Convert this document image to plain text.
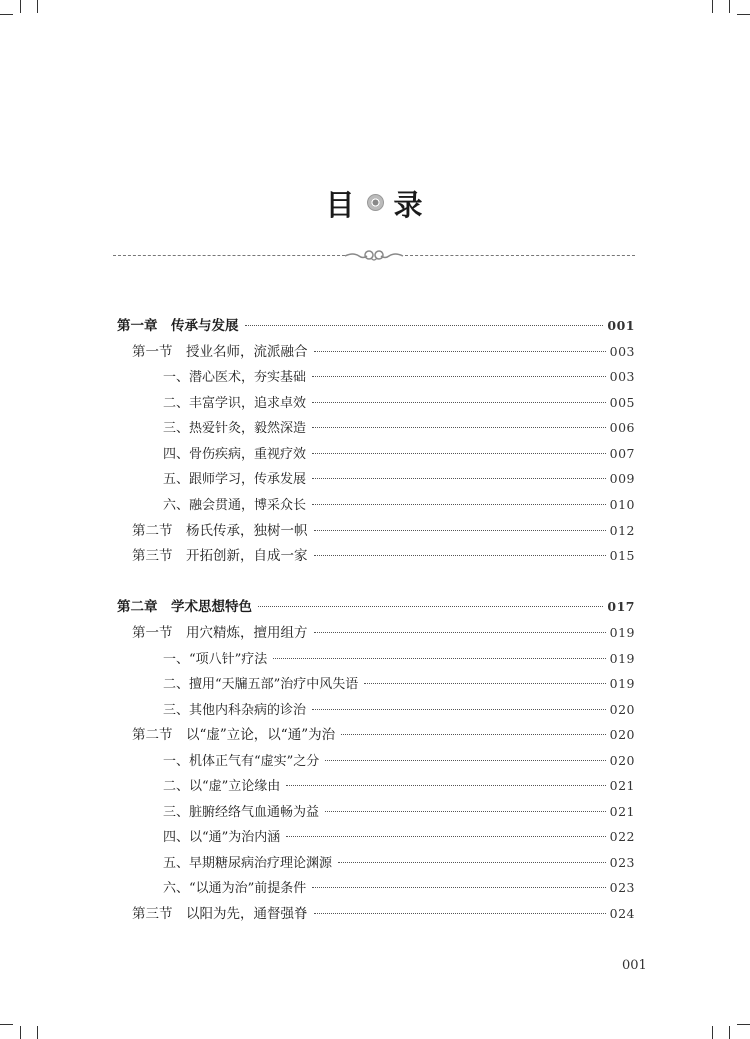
目 录
第一章　传承与发展	001
第一节　授业名师，流派融合	003
一、潜心医术，夯实基础	003
二、丰富学识，追求卓效	005
三、热爱针灸，毅然深造	006
四、骨伤疾病，重视疗效	007
五、跟师学习，传承发展	009
六、融会贯通，博采众长	010
第二节　杨氏传承，独树一帜	012
第三节　开拓创新，自成一家	015
第二章　学术思想特色	017
第一节　用穴精炼，擅用组方	019
一、“项八针”疗法	019
二、擅用“天牖五部”治疗中风失语	019
三、其他内科杂病的诊治	020
第二节　以“虚”立论，以“通”为治	020
一、机体正气有“虚实”之分	020
二、以“虚”立论缘由	021
三、脏腑经络气血通畅为益	021
四、以“通”为治内涵	022
五、早期糖尿病治疗理论渊源	023
六、“以通为治”前提条件	023
第三节　以阳为先，通督强脊	024
001
